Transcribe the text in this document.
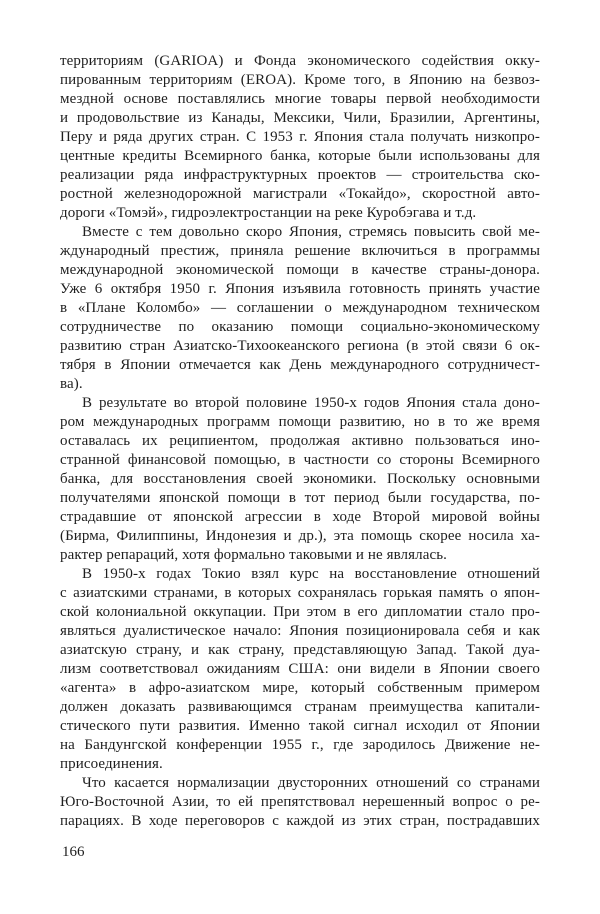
территориям (GARIOA) и Фонда экономического содействия окку-
пированным территориям (EROA). Кроме того, в Японию на безвоз-
мездной основе поставлялись многие товары первой необходимости
и продовольствие из Канады, Мексики, Чили, Бразилии, Аргентины,
Перу и ряда других стран. С 1953 г. Япония стала получать низкопро-
центные кредиты Всемирного банка, которые были использованы для
реализации ряда инфраструктурных проектов — строительства ско-
ростной железнодорожной магистрали «Токайдо», скоростной авто-
дороги «Томэй», гидроэлектростанции на реке Куробэгава и т.д.
Вместе с тем довольно скоро Япония, стремясь повысить свой ме-
ждународный престиж, приняла решение включиться в программы
международной экономической помощи в качестве страны-донора.
Уже 6 октября 1950 г. Япония изъявила готовность принять участие
в «Плане Коломбо» — соглашении о международном техническом
сотрудничестве по оказанию помощи социально-экономическому
развитию стран Азиатско-Тихоокеанского региона (в этой связи 6 ок-
тября в Японии отмечается как День международного сотрудничест-
ва).
В результате во второй половине 1950-х годов Япония стала доно-
ром международных программ помощи развитию, но в то же время
оставалась их реципиентом, продолжая активно пользоваться ино-
странной финансовой помощью, в частности со стороны Всемирного
банка, для восстановления своей экономики. Поскольку основными
получателями японской помощи в тот период были государства, по-
страдавшие от японской агрессии в ходе Второй мировой войны
(Бирма, Филиппины, Индонезия и др.), эта помощь скорее носила ха-
рактер репараций, хотя формально таковыми и не являлась.
В 1950-х годах Токио взял курс на восстановление отношений
с азиатскими странами, в которых сохранялась горькая память о япон-
ской колониальной оккупации. При этом в его дипломатии стало про-
являться дуалистическое начало: Япония позиционировала себя и как
азиатскую страну, и как страну, представляющую Запад. Такой дуа-
лизм соответствовал ожиданиям США: они видели в Японии своего
«агента» в афро-азиатском мире, который собственным примером
должен доказать развивающимся странам преимущества капитали-
стического пути развития. Именно такой сигнал исходил от Японии
на Бандунгской конференции 1955 г., где зародилось Движение не-
присоединения.
Что касается нормализации двусторонних отношений со странами
Юго-Восточной Азии, то ей препятствовал нерешенный вопрос о ре-
парациях. В ходе переговоров с каждой из этих стран, пострадавших
166
